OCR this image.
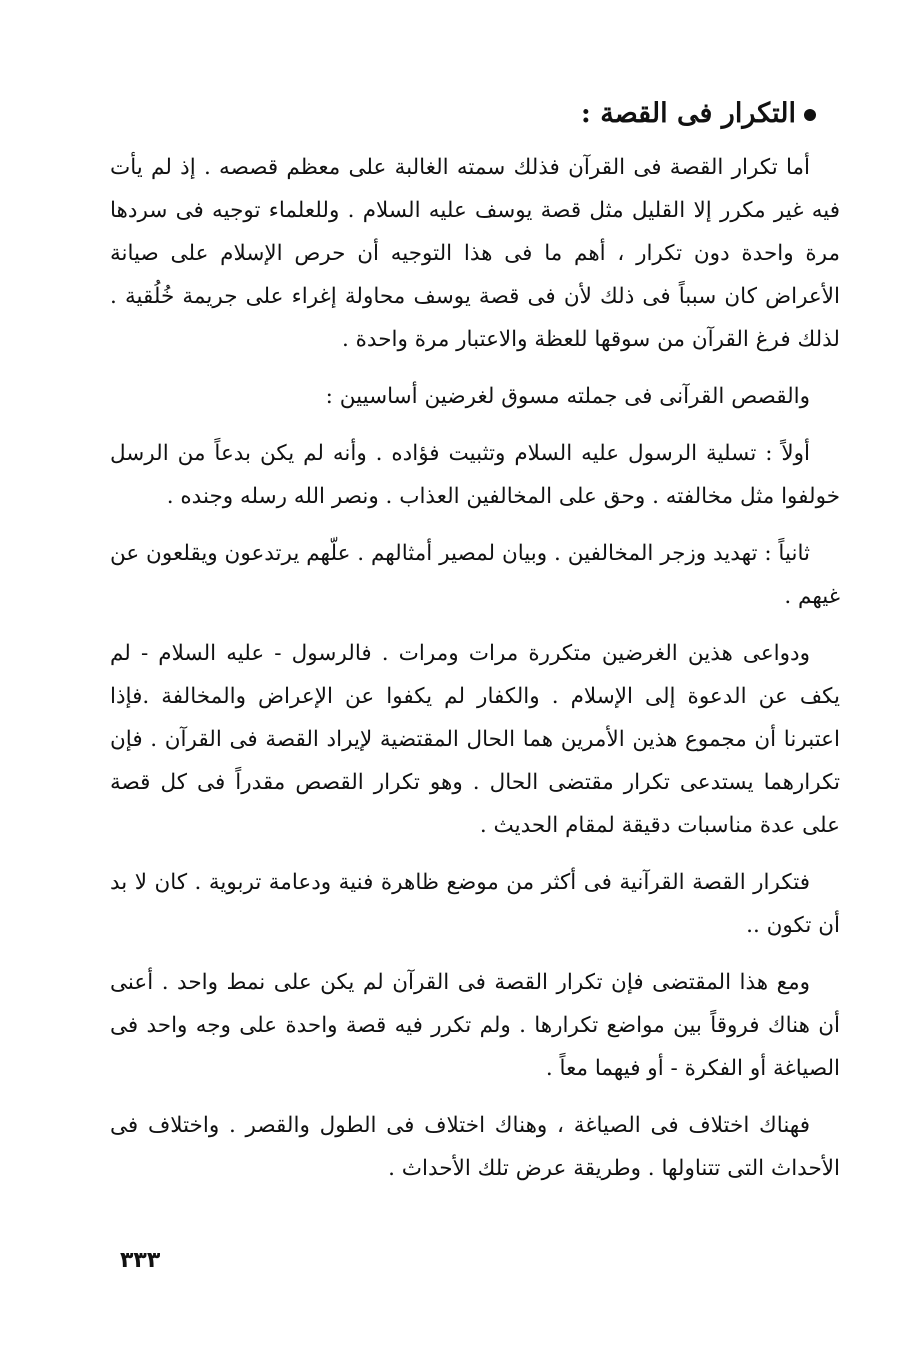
التكرار فى القصة :

أما تكرار القصة فى القرآن فذلك سمته الغالبة على معظم قصصه . إذ لم يأت فيه غير مكرر إلا القليل مثل قصة يوسف عليه السلام . وللعلماء توجيه فى سردها مرة واحدة دون تكرار ، أهم ما فى هذا التوجيه أن حرص الإسلام على صيانة الأعراض كان سبباً فى ذلك لأن فى قصة يوسف محاولة إغراء على جريمة خُلُقية . لذلك فرغ القرآن من سوقها للعظة والاعتبار مرة واحدة .

والقصص القرآنى فى جملته مسوق لغرضين أساسيين :

أولاً : تسلية الرسول عليه السلام وتثبيت فؤاده . وأنه لم يكن بدعاً من الرسل خولفوا مثل مخالفته . وحق على المخالفين العذاب . ونصر الله رسله وجنده .

ثانياً : تهديد وزجر المخالفين . وبيان لمصير أمثالهم . علّهم يرتدعون ويقلعون عن غيهم .

ودواعى هذين الغرضين متكررة مرات ومرات . فالرسول - عليه السلام - لم يكف عن الدعوة إلى الإسلام . والكفار لم يكفوا عن الإعراض والمخالفة .فإذا اعتبرنا أن مجموع هذين الأمرين هما الحال المقتضية لإيراد القصة فى القرآن . فإن تكرارهما يستدعى تكرار مقتضى الحال . وهو تكرار القصص مقدراً فى كل قصة على عدة مناسبات دقيقة لمقام الحديث .

فتكرار القصة القرآنية فى أكثر من موضع ظاهرة فنية ودعامة تربوية . كان لا بد أن تكون ..

ومع هذا المقتضى فإن تكرار القصة فى القرآن لم يكن على نمط واحد . أعنى أن هناك فروقاً بين مواضع تكرارها . ولم تكرر فيه قصة واحدة على وجه واحد فى الصياغة أو الفكرة - أو فيهما معاً .

فهناك اختلاف فى الصياغة ، وهناك اختلاف فى الطول والقصر . واختلاف فى الأحداث التى تتناولها . وطريقة عرض تلك الأحداث .

٣٣٣
